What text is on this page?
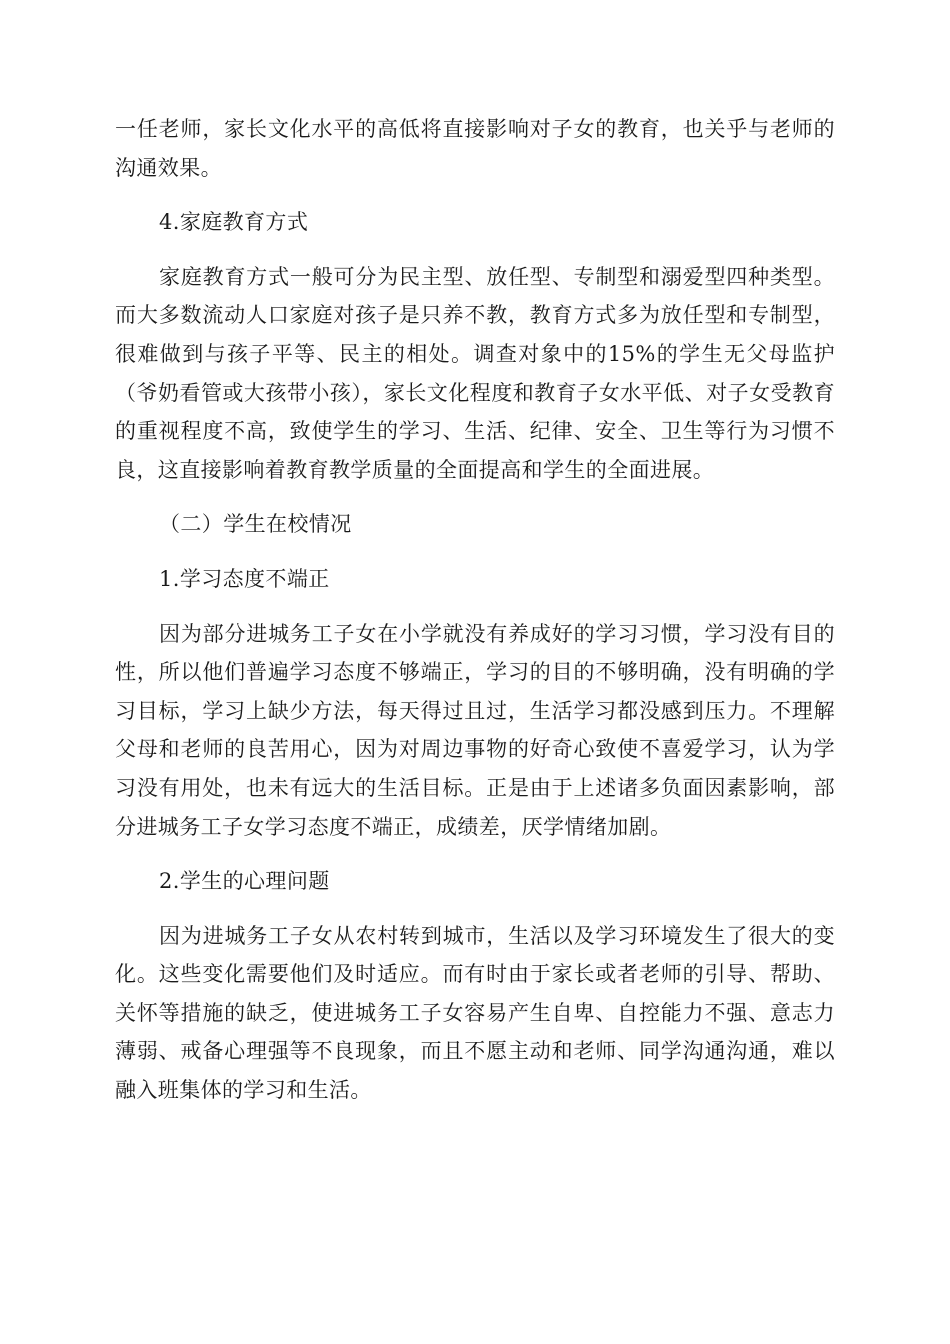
一任老师，家长文化水平的高低将直接影响对子女的教育，也关乎与老师的沟通效果。

4.家庭教育方式

家庭教育方式一般可分为民主型、放任型、专制型和溺爱型四种类型。而大多数流动人口家庭对孩子是只养不教，教育方式多为放任型和专制型，很难做到与孩子平等、民主的相处。调查对象中的15%的学生无父母监护（爷奶看管或大孩带小孩），家长文化程度和教育子女水平低、对子女受教育的重视程度不高，致使学生的学习、生活、纪律、安全、卫生等行为习惯不良，这直接影响着教育教学质量的全面提高和学生的全面进展。

（二）学生在校情况

1.学习态度不端正

因为部分进城务工子女在小学就没有养成好的学习习惯，学习没有目的性，所以他们普遍学习态度不够端正，学习的目的不够明确，没有明确的学习目标，学习上缺少方法，每天得过且过，生活学习都没感到压力。不理解父母和老师的良苦用心，因为对周边事物的好奇心致使不喜爱学习，认为学习没有用处，也未有远大的生活目标。正是由于上述诸多负面因素影响，部分进城务工子女学习态度不端正，成绩差，厌学情绪加剧。

2.学生的心理问题

因为进城务工子女从农村转到城市，生活以及学习环境发生了很大的变化。这些变化需要他们及时适应。而有时由于家长或者老师的引导、帮助、关怀等措施的缺乏，使进城务工子女容易产生自卑、自控能力不强、意志力薄弱、戒备心理强等不良现象，而且不愿主动和老师、同学沟通沟通，难以融入班集体的学习和生活。
